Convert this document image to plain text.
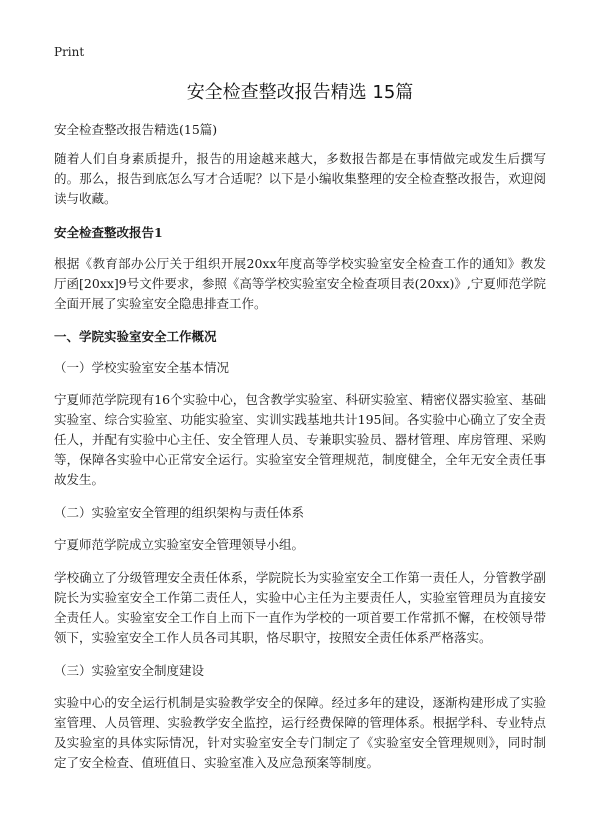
Print
安全检查整改报告精选 15篇

安全检查整改报告精选(15篇)

随着人们自身素质提升，报告的用途越来越大，多数报告都是在事情做完或发生后撰写的。那么，报告到底怎么写才合适呢？以下是小编收集整理的安全检查整改报告，欢迎阅读与收藏。

安全检查整改报告1

根据《教育部办公厅关于组织开展20xx年度高等学校实验室安全检查工作的通知》教发厅函[20xx]9号文件要求，参照《高等学校实验室安全检查项目表(20xx)》,宁夏师范学院全面开展了实验室安全隐患排查工作。

一、学院实验室安全工作概况

（一）学校实验室安全基本情况

宁夏师范学院现有16个实验中心，包含教学实验室、科研实验室、精密仪器实验室、基础实验室、综合实验室、功能实验室、实训实践基地共计195间。各实验中心确立了安全责任人，并配有实验中心主任、安全管理人员、专兼职实验员、器材管理、库房管理、采购等，保障各实验中心正常安全运行。实验室安全管理规范，制度健全，全年无安全责任事故发生。

（二）实验室安全管理的组织架构与责任体系

宁夏师范学院成立实验室安全管理领导小组。

学校确立了分级管理安全责任体系，学院院长为实验室安全工作第一责任人，分管教学副院长为实验室安全工作第二责任人，实验中心主任为主要责任人，实验室管理员为直接安全责任人。实验室安全工作自上而下一直作为学校的一项首要工作常抓不懈，在校领导带领下，实验室安全工作人员各司其职，恪尽职守，按照安全责任体系严格落实。

（三）实验室安全制度建设

实验中心的安全运行机制是实验教学安全的保障。经过多年的建设，逐渐构建形成了实验室管理、人员管理、实验教学安全监控，运行经费保障的管理体系。根据学科、专业特点及实验室的具体实际情况，针对实验室安全专门制定了《实验室安全管理规则》，同时制定了安全检查、值班值日、实验室准入及应急预案等制度。
